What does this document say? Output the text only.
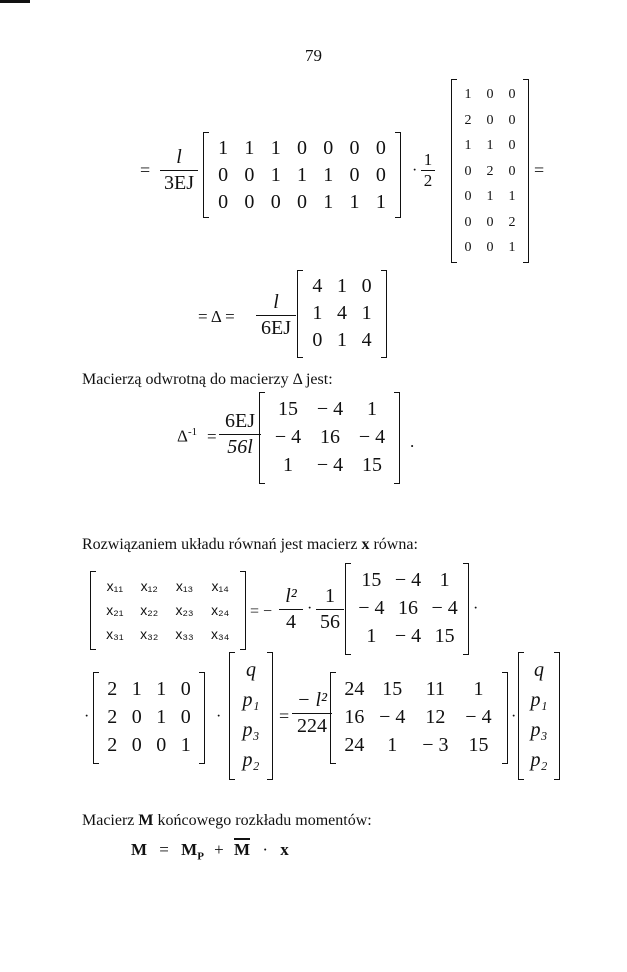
79
=
l
3EJ
1	1	1	0	0	0	0
0	0	1	1	1	0	0
0	0	0	0	1	1	1
·
1
2
1	0	0
2	0	0
1	1	0
0	2	0
0	1	1
0	0	2
0	0	1
=
= Δ =
l
6EJ
4	1	0
1	4	1
0	1	4
Macierzą odwrotną do macierzy Δ jest:
$\Delta^{-1}$ =
6EJ
56l
15	− 4	1
− 4	16	− 4
1	− 4	15
.
Rozwiązaniem układu równań jest macierz x równa:
x₁₁	x₁₂	x₁₃	x₁₄
x₂₁	x₂₂	x₂₃	x₂₄
x₃₁	x₃₂	x₃₃	x₃₄
= −
l²
4
·
1
56
15	− 4	1
− 4	16	− 4
1	− 4	15
·
·
2	1	1	0
2	0	1	0
2	0	0	1
·
q
p₁
p₃
p₂
=
− l²
224
24	15	11	1
16	− 4	12	− 4
24	1	− 3	15
·
q
p₁
p₃
p₂
Macierz M końcowego rozkładu momentów:
$M = M_P + M \cdot x$
